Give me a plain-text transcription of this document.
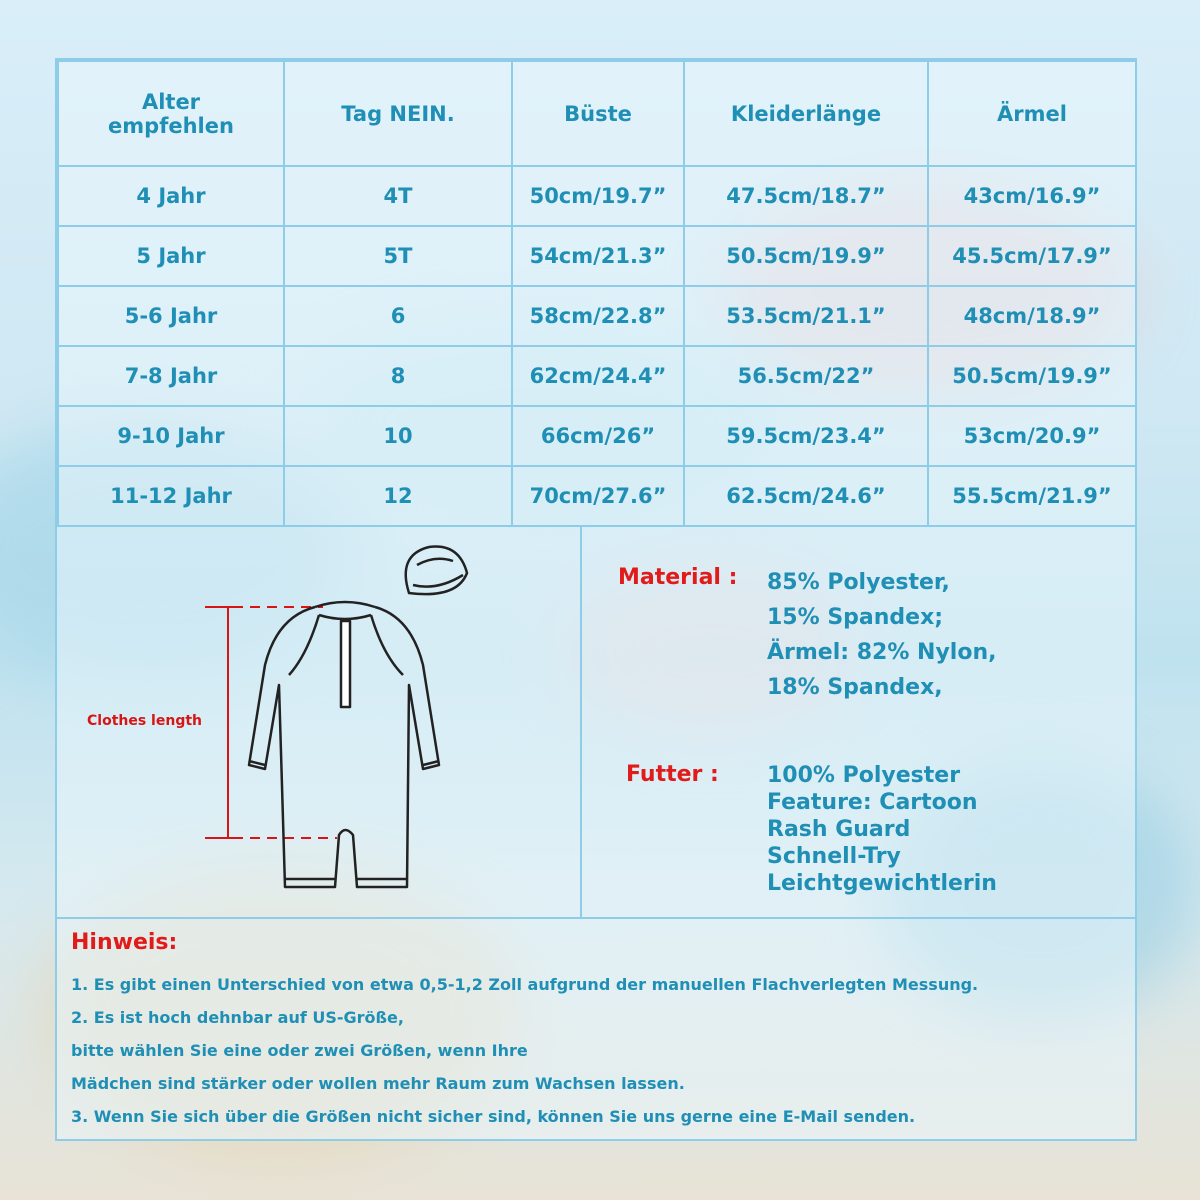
Alter empfehlen	Tag NEIN.	Büste	Kleiderlänge	Ärmel
4 Jahr	4T	50cm/19.7”	47.5cm/18.7”	43cm/16.9”
5 Jahr	5T	54cm/21.3”	50.5cm/19.9”	45.5cm/17.9”
5-6 Jahr	6	58cm/22.8”	53.5cm/21.1”	48cm/18.9”
7-8 Jahr	8	62cm/24.4”	56.5cm/22”	50.5cm/19.9”
9-10 Jahr	10	66cm/26”	59.5cm/23.4”	53cm/20.9”
11-12 Jahr	12	70cm/27.6”	62.5cm/24.6”	55.5cm/21.9”
Clothes length
Material : 85% Polyester,
15% Spandex;
Ärmel: 82% Nylon,
18% Spandex,
Futter : 100% Polyester
Feature: Cartoon
Rash Guard
Schnell-Try
Leichtgewichtlerin
Hinweis:
1. Es gibt einen Unterschied von etwa 0,5-1,2 Zoll aufgrund der manuellen Flachverlegten Messung.
2. Es ist hoch dehnbar auf US-Größe,
bitte wählen Sie eine oder zwei Größen, wenn Ihre
Mädchen sind stärker oder wollen mehr Raum zum Wachsen lassen.
3. Wenn Sie sich über die Größen nicht sicher sind, können Sie uns gerne eine E-Mail senden.
